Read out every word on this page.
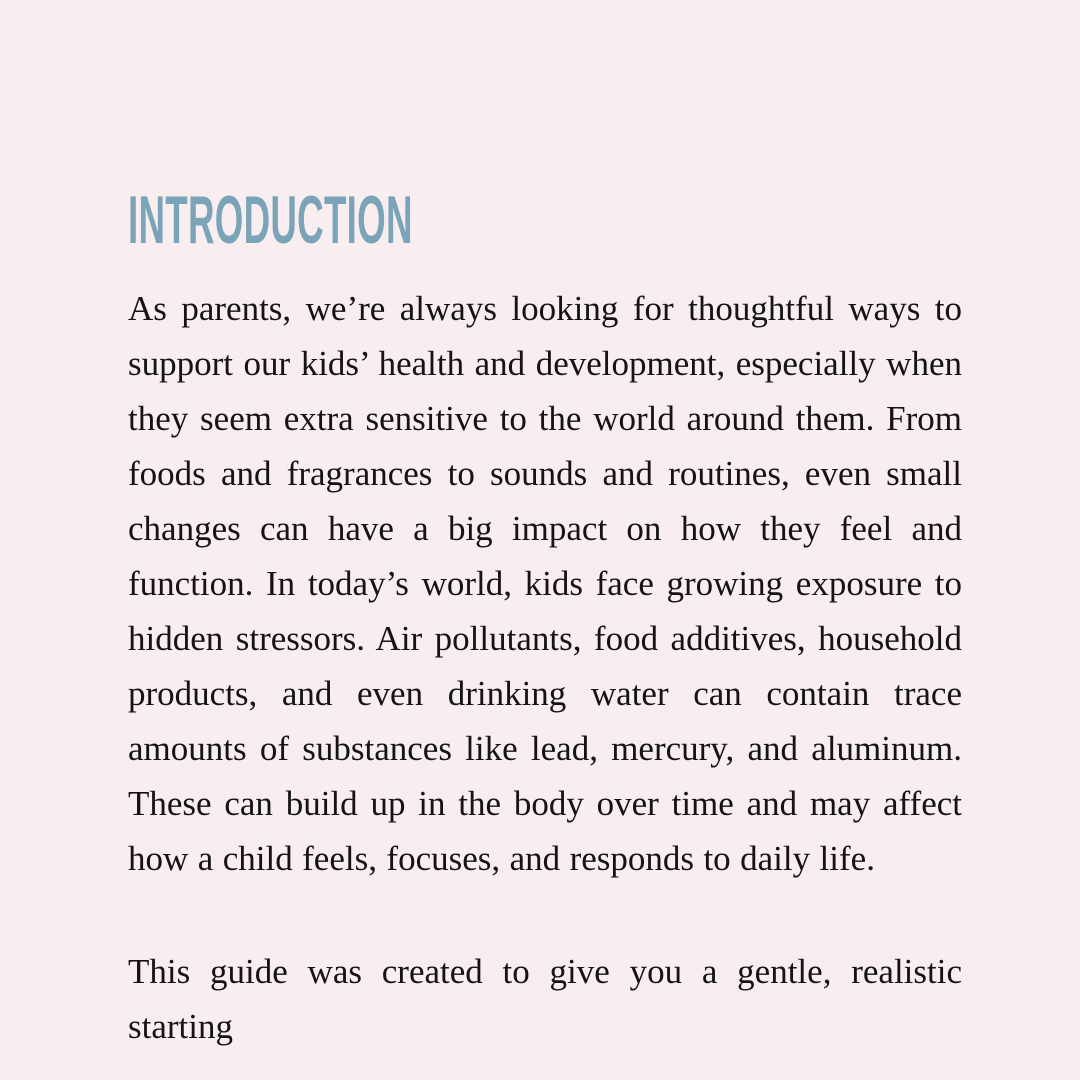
INTRODUCTION

As parents, we’re always looking for thoughtful ways to support our kids’ health and development, especially when they seem extra sensitive to the world around them. From foods and fragrances to sounds and routines, even small changes can have a big impact on how they feel and function. In today’s world, kids face growing exposure to hidden stressors. Air pollutants, food additives, household products, and even drinking water can contain trace amounts of substances like lead, mercury, and aluminum. These can build up in the body over time and may affect how a child feels, focuses, and responds to daily life.

This guide was created to give you a gentle, realistic starting
